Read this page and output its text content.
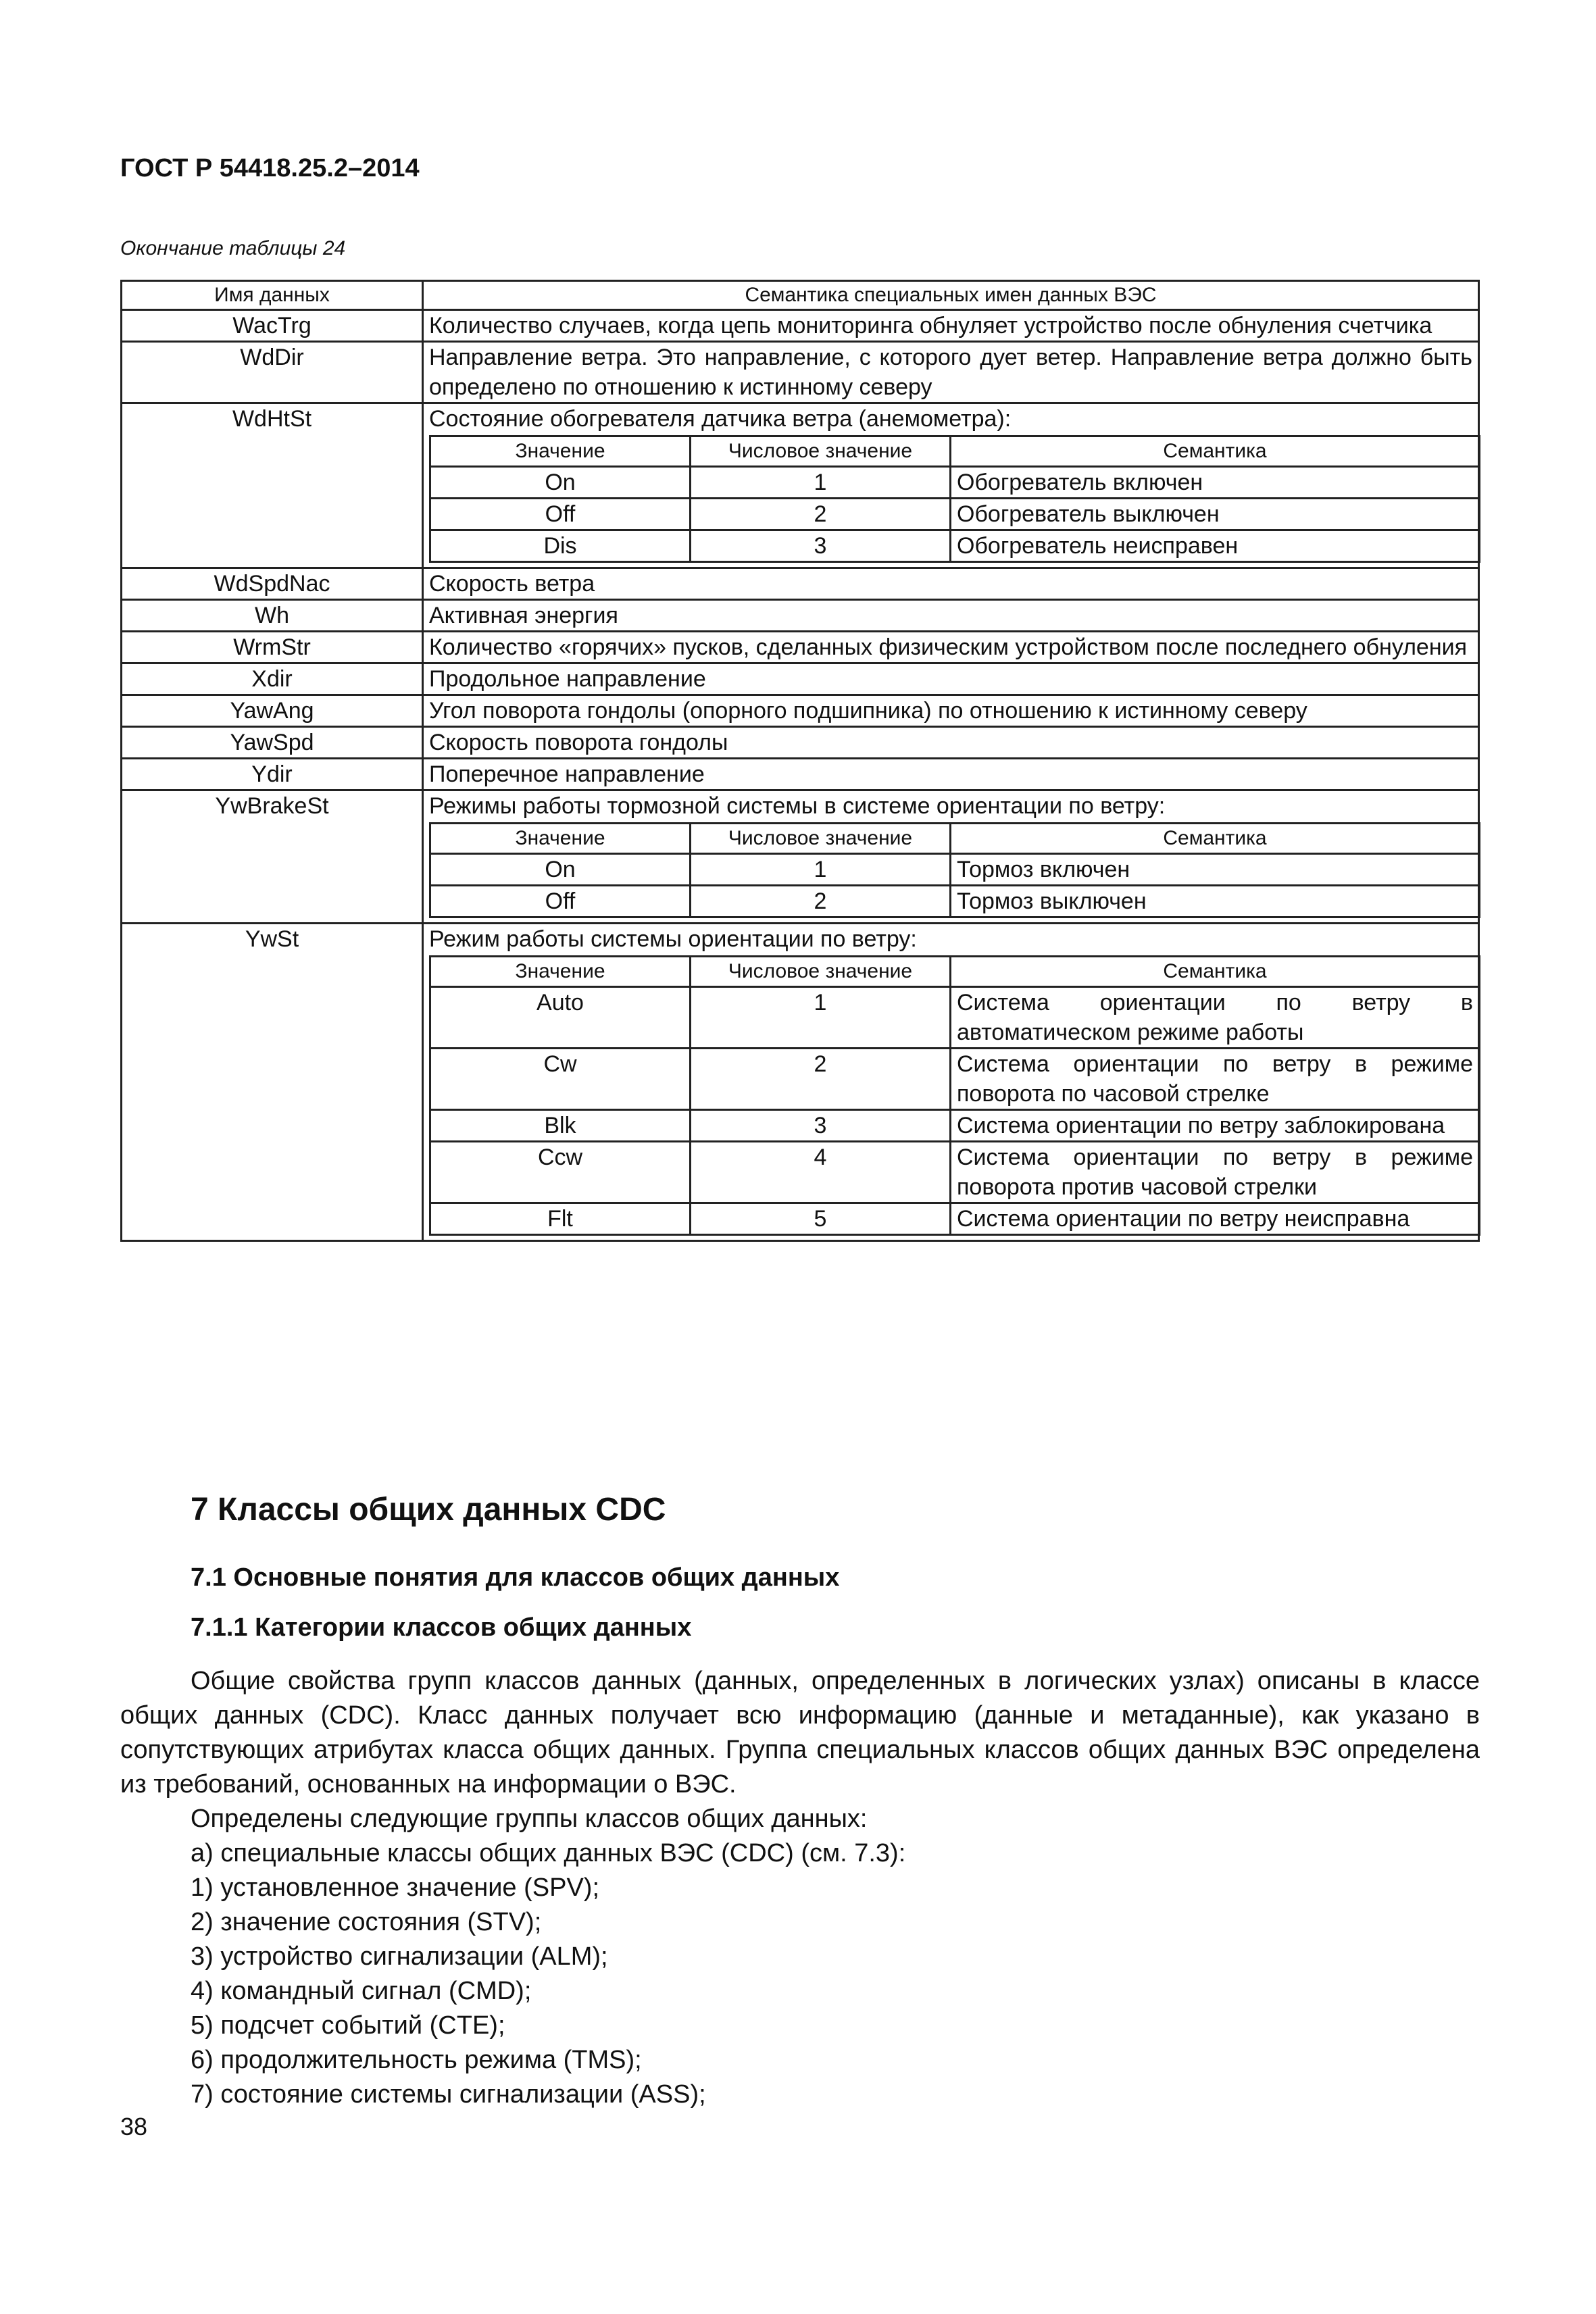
ГОСТ Р 54418.25.2–2014
Окончание таблицы 24
Имя данных	Семантика специальных имен данных ВЭС
WacTrg	Количество случаев, когда цепь мониторинга обнуляет устройство после обнуления счетчика

WdDir	Направление ветра. Это направление, с которого дует ветер. Направление ветра должно быть определено по отношению к истинному северу

WdHtSt	Состояние обогревателя датчика ветра (анемометра):
Значение	Числовое значение	Семантика
On	1	Обогреватель включен
Off	2	Обогреватель выключен
Dis	3	Обогреватель неисправен

WdSpdNac	Скорость ветра

Wh	Активная энергия

WrmStr	Количество «горячих» пусков, сделанных физическим устройством после последнего обнуления

Xdir	Продольное направление

YawAng	Угол поворота гондолы (опорного подшипника) по отношению к истинному северу

YawSpd	Скорость поворота гондолы

Ydir	Поперечное направление

YwBrakeSt	Режимы работы тормозной системы в системе ориентации по ветру:
Значение	Числовое значение	Семантика
On	1	Тормоз включен
Off	2	Тормоз выключен

YwSt	Режим работы системы ориентации по ветру:
Значение	Числовое значение	Семантика
Auto	1	Система ориентации по ветру в автоматическом режиме работы
Cw	2	Система ориентации по ветру в режиме поворота по часовой стрелке
Blk	3	Система ориентации по ветру заблокирована
Ccw	4	Система ориентации по ветру в режиме поворота против часовой стрелки
Flt	5	Система ориентации по ветру неисправна
7 Классы общих данных CDC
7.1 Основные понятия для классов общих данных
7.1.1 Категории классов общих данных

Общие свойства групп классов данных (данных, определенных в логических узлах) описаны в классе общих данных (CDC). Класс данных получает всю информацию (данные и метаданные), как указано в сопутствующих атрибутах класса общих данных. Группа специальных классов общих данных ВЭС определена из требований, основанных на информации о ВЭС.

Определены следующие группы классов общих данных:

а) специальные классы общих данных ВЭС (CDC) (см. 7.3):
1) установленное значение (SPV);
2) значение состояния (STV);
3) устройство сигнализации (ALM);
4) командный сигнал (CMD);
5) подсчет событий (CTE);
6) продолжительность режима (TMS);
7) состояние системы сигнализации (ASS);
38
